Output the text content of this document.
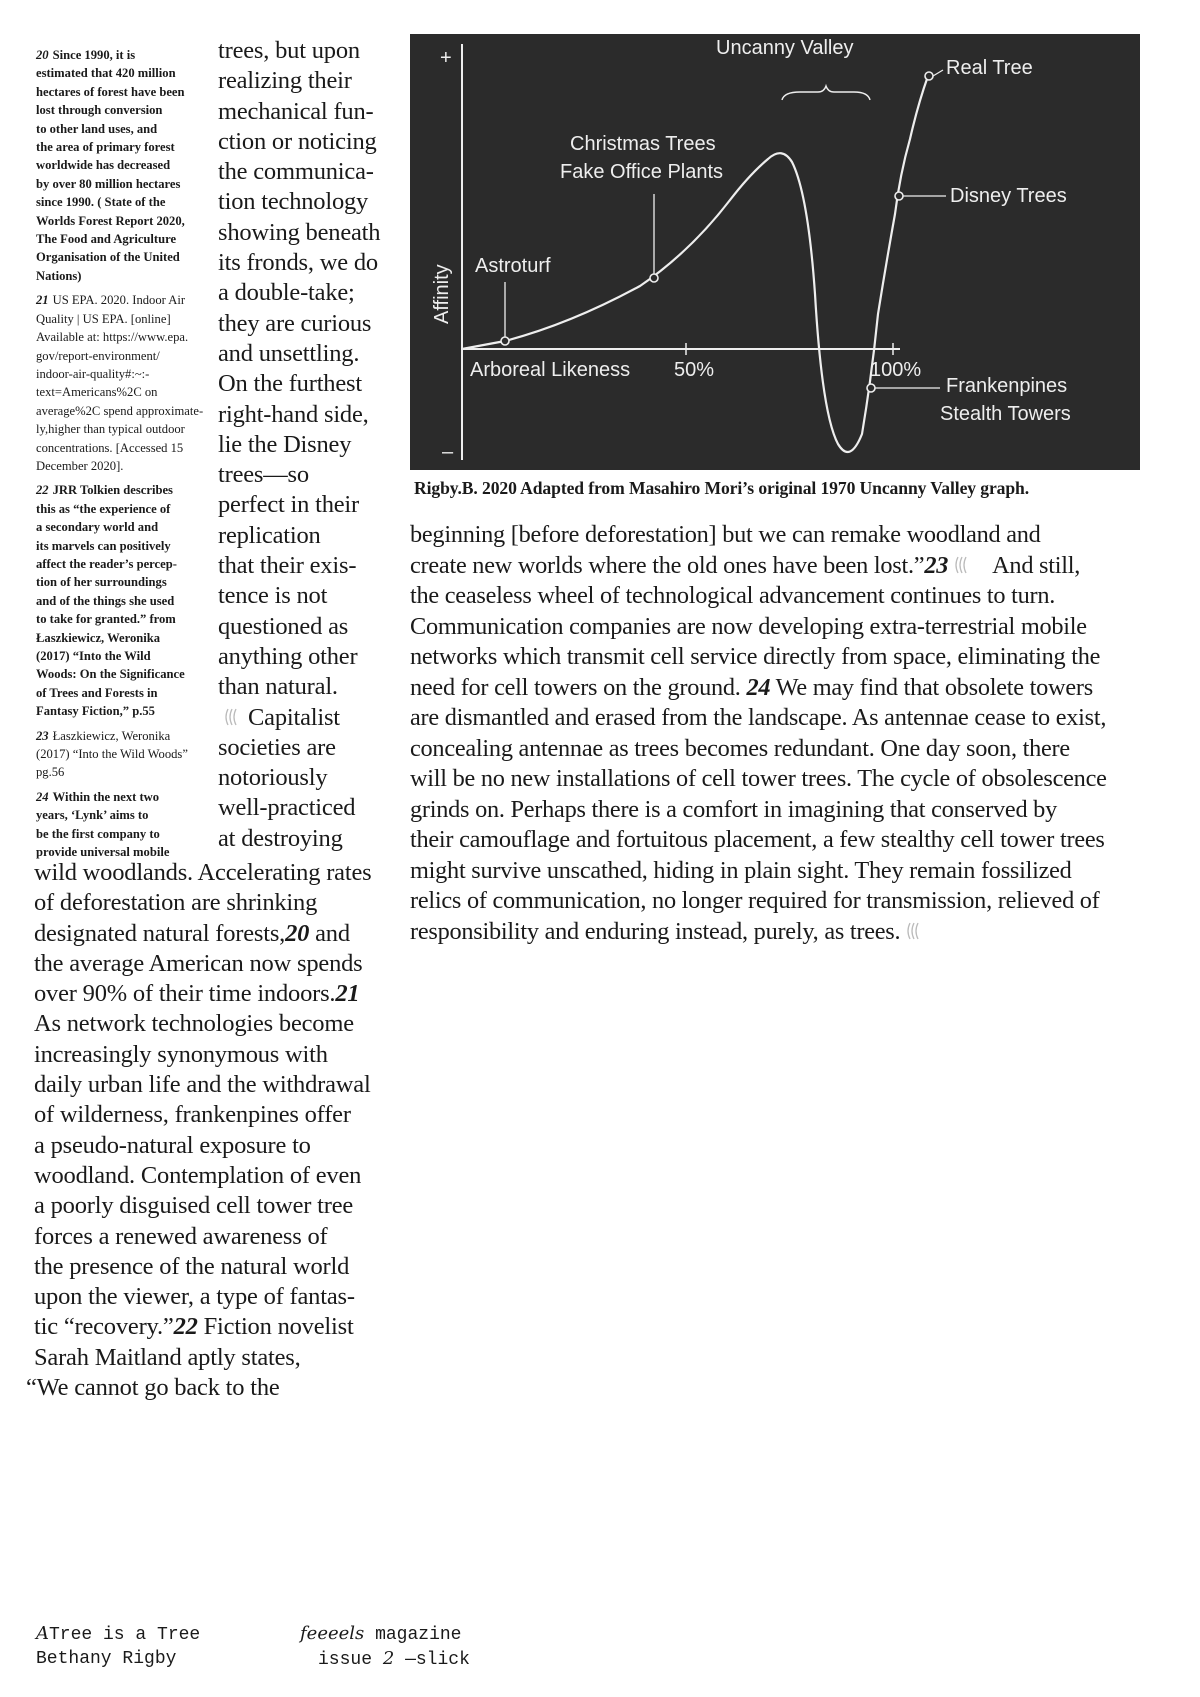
20 Since 1990, it is
estimated that 420 million
hectares of forest have been
lost through conversion
to other land uses, and
the area of primary forest
worldwide has decreased
by over 80 million hectares
since 1990. ( State of the
Worlds Forest Report 2020,
The Food and Agriculture
Organisation of the United
Nations)
21 US EPA. 2020. Indoor Air
Quality | US EPA. [online]
Available at: https://www.epa.
gov/report-environment/
indoor-air-quality#:~:-
text=Americans%2C on
average%2C spend approximate-
ly,higher than typical outdoor
concentrations. [Accessed 15
December 2020].
22 JRR Tolkien describes
this as “the experience of
a secondary world and
its marvels can positively
affect the reader’s percep-
tion of her surroundings
and of the things she used
to take for granted.” from
Łaszkiewicz, Weronika
(2017) “Into the Wild
Woods: On the Significance
of Trees and Forests in
Fantasy Fiction,” p.55
23 Łaszkiewicz, Weronika
(2017) “Into the Wild Woods”
pg.56
24 Within the next two
years, ‘Lynk’ aims to
be the first company to
provide universal mobile
trees, but upon
realizing their
mechanical fun-
ction or noticing
the communica-
tion technology
showing beneath
its fronds, we do
a double-take;
they are curious
and unsettling.
On the furthest
right-hand side,
lie the Disney
trees—so
perfect in their
replication
that their exis-
tence is not
questioned as
anything other
than natural.
Capitalist
societies are
notoriously
well-practiced
at destroying
wild woodlands. Accelerating rates
of deforestation are shrinking
designated natural forests,20 and
the average American now spends
over 90% of their time indoors.21
As network technologies become
increasingly synonymous with
daily urban life and the withdrawal
of wilderness, frankenpines offer
a pseudo-natural exposure to
woodland. Contemplation of even
a poorly disguised cell tower tree
forces a renewed awareness of
the presence of the natural world
upon the viewer, a type of fantas-
tic “recovery.”22 Fiction novelist
Sarah Maitland aptly states,
“We cannot go back to the
+
–
Arboreal Likeness 50%	100%
Affinity Astroturf
Christmas Trees
Fake Office Plants
Uncanny Valley
Real Tree
Disney Trees
Frankenpines
Stealth Towers
Rigby.B. 2020 Adapted from Masahiro Mori’s original 1970 Uncanny Valley graph.
beginning [before deforestation] but we can remake woodland and
create new worlds where the old ones have been lost.”23 And still,
the ceaseless wheel of technological advancement continues to turn.
Communication companies are now developing extra-terrestrial mobile
networks which transmit cell service directly from space, eliminating the
need for cell towers on the ground. 24 We may find that obsolete towers
are dismantled and erased from the landscape. As antennae cease to exist,
concealing antennae as trees becomes redundant. One day soon, there
will be no new installations of cell tower trees. The cycle of obsolescence
grinds on. Perhaps there is a comfort in imagining that conserved by
their camouflage and fortuitous placement, a few stealthy cell tower trees
might survive unscathed, hiding in plain sight. They remain fossilized
relics of communication, no longer required for transmission, relieved of
responsibility and enduring instead, purely, as trees.
ATree is a Tree
Bethany Rigby
feeeels magazine
issue 2 —slick
